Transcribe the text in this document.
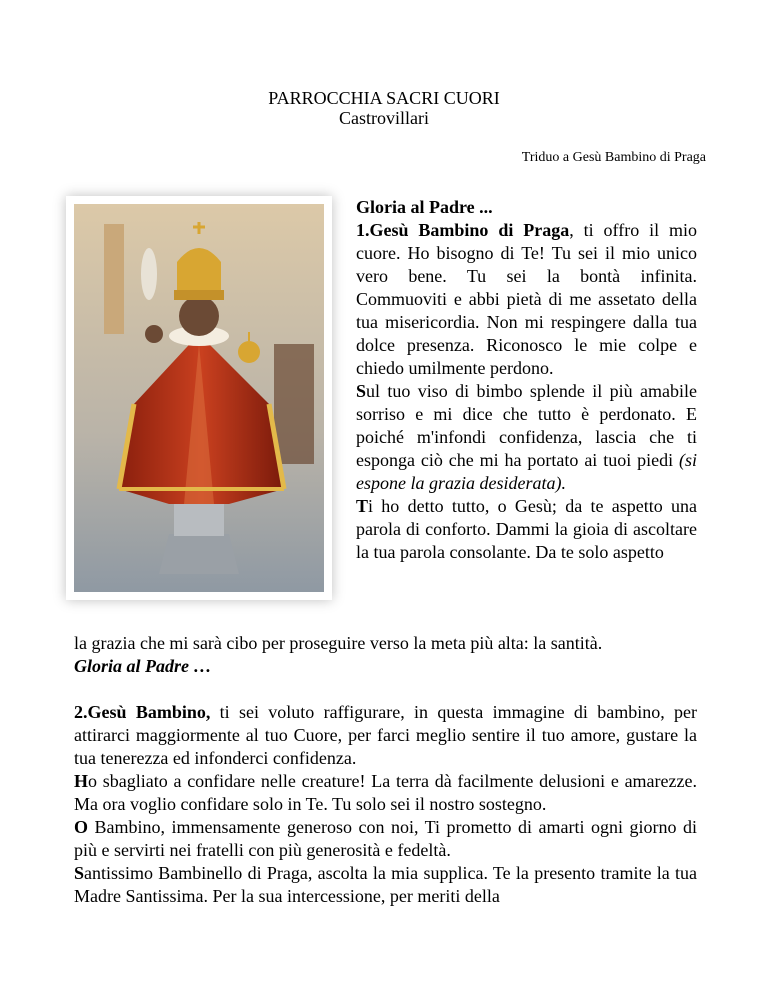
PARROCCHIA SACRI CUORI
Castrovillari
Triduo a Gesù Bambino di Praga

Gloria al Padre ...

1.Gesù Bambino di Praga, ti offro il mio cuore. Ho bisogno di Te! Tu sei il mio unico vero bene. Tu sei la bontà infinita. Commuoviti e abbi pietà di me assetato della tua misericordia. Non mi respingere dalla tua dolce presenza. Riconosco le mie colpe e chiedo umilmente perdono.

Sul tuo viso di bimbo splende il più amabile sorriso e mi dice che tutto è perdonato. E poiché m'infondi confidenza, lascia che ti esponga ciò che mi ha portato ai tuoi piedi (si espone la grazia desiderata).

Ti ho detto tutto, o Gesù; da te aspetto una parola di conforto. Dammi la gioia di ascoltare la tua parola consolante. Da te solo aspetto

la grazia che mi sarà cibo per proseguire verso la meta più alta: la santità.

Gloria al Padre …

2.Gesù Bambino, ti sei voluto raffigurare, in questa immagine di bambino, per attirarci maggiormente al tuo Cuore, per farci meglio sentire il tuo amore, gustare la tua tenerezza ed infonderci confidenza.

Ho sbagliato a confidare nelle creature! La terra dà facilmente delusioni e amarezze. Ma ora voglio confidare solo in Te. Tu solo sei il nostro sostegno.

O Bambino, immensamente generoso con noi, Ti prometto di amarti ogni giorno di più e servirti nei fratelli con più generosità e fedeltà.

Santissimo Bambinello di Praga, ascolta la mia supplica. Te la presento tramite la tua Madre Santissima. Per la sua intercessione, per meriti della
